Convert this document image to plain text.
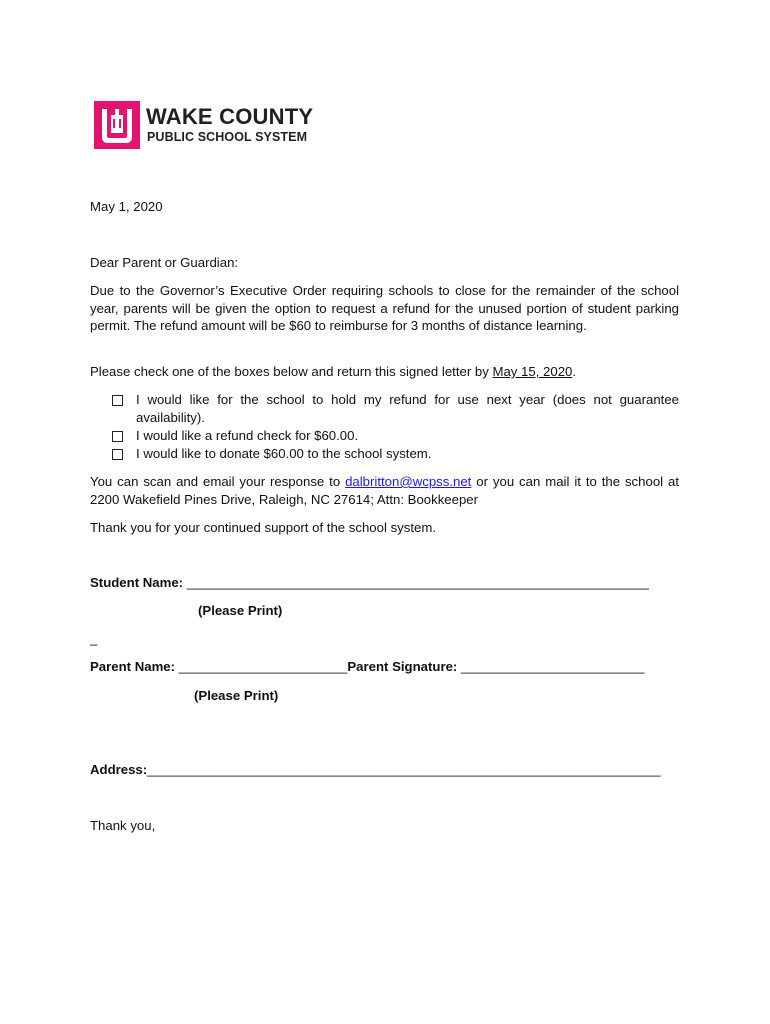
WAKE COUNTY
PUBLIC SCHOOL SYSTEM
May 1, 2020
Dear Parent or Guardian:
Due to the Governor’s Executive Order requiring schools to close for the remainder of the school year, parents will be given the option to request a refund for the unused portion of student parking permit. The refund amount will be $60 to reimburse for 3 months of distance learning.
Please check one of the boxes below and return this signed letter by May 15, 2020.
I would like for the school to hold my refund for use next year (does not guarantee availability).
I would like a refund check for $60.00.
I would like to donate $60.00 to the school system.
You can scan and email your response to dalbritton@wcpss.net or you can mail it to the school at 2200 Wakefield Pines Drive, Raleigh, NC 27614; Attn: Bookkeeper
Thank you for your continued support of the school system.
Student Name: _______________________________________________________________
(Please Print)
_
Parent Name: _______________________Parent Signature: _________________________
(Please Print)
Address:______________________________________________________________________
Thank you,
